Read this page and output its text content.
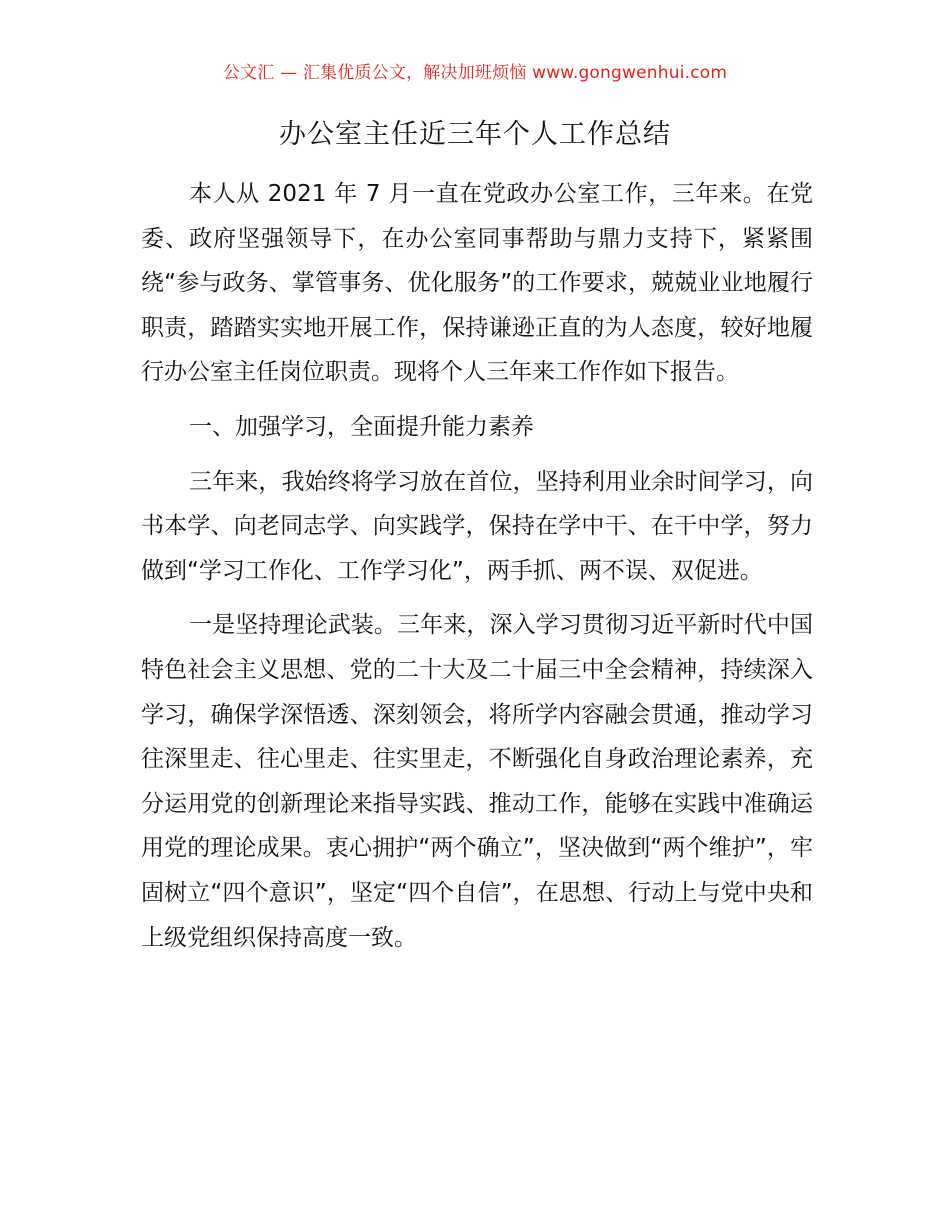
公文汇 — 汇集优质公文，解决加班烦恼 www.gongwenhui.com
办公室主任近三年个人工作总结

本人从 2021 年 7 月一直在党政办公室工作，三年来。在党委、政府坚强领导下，在办公室同事帮助与鼎力支持下，紧紧围绕“参与政务、掌管事务、优化服务”的工作要求，兢兢业业地履行职责，踏踏实实地开展工作，保持谦逊正直的为人态度，较好地履行办公室主任岗位职责。现将个人三年来工作作如下报告。

一、加强学习，全面提升能力素养

三年来，我始终将学习放在首位，坚持利用业余时间学习，向书本学、向老同志学、向实践学，保持在学中干、在干中学，努力做到“学习工作化、工作学习化”，两手抓、两不误、双促进。

一是坚持理论武装。三年来，深入学习贯彻习近平新时代中国特色社会主义思想、党的二十大及二十届三中全会精神，持续深入学习，确保学深悟透、深刻领会，将所学内容融会贯通，推动学习往深里走、往心里走、往实里走，不断强化自身政治理论素养，充分运用党的创新理论来指导实践、推动工作，能够在实践中准确运用党的理论成果。衷心拥护“两个确立”，坚决做到“两个维护”，牢固树立“四个意识”，坚定“四个自信”，在思想、行动上与党中央和上级党组织保持高度一致。
